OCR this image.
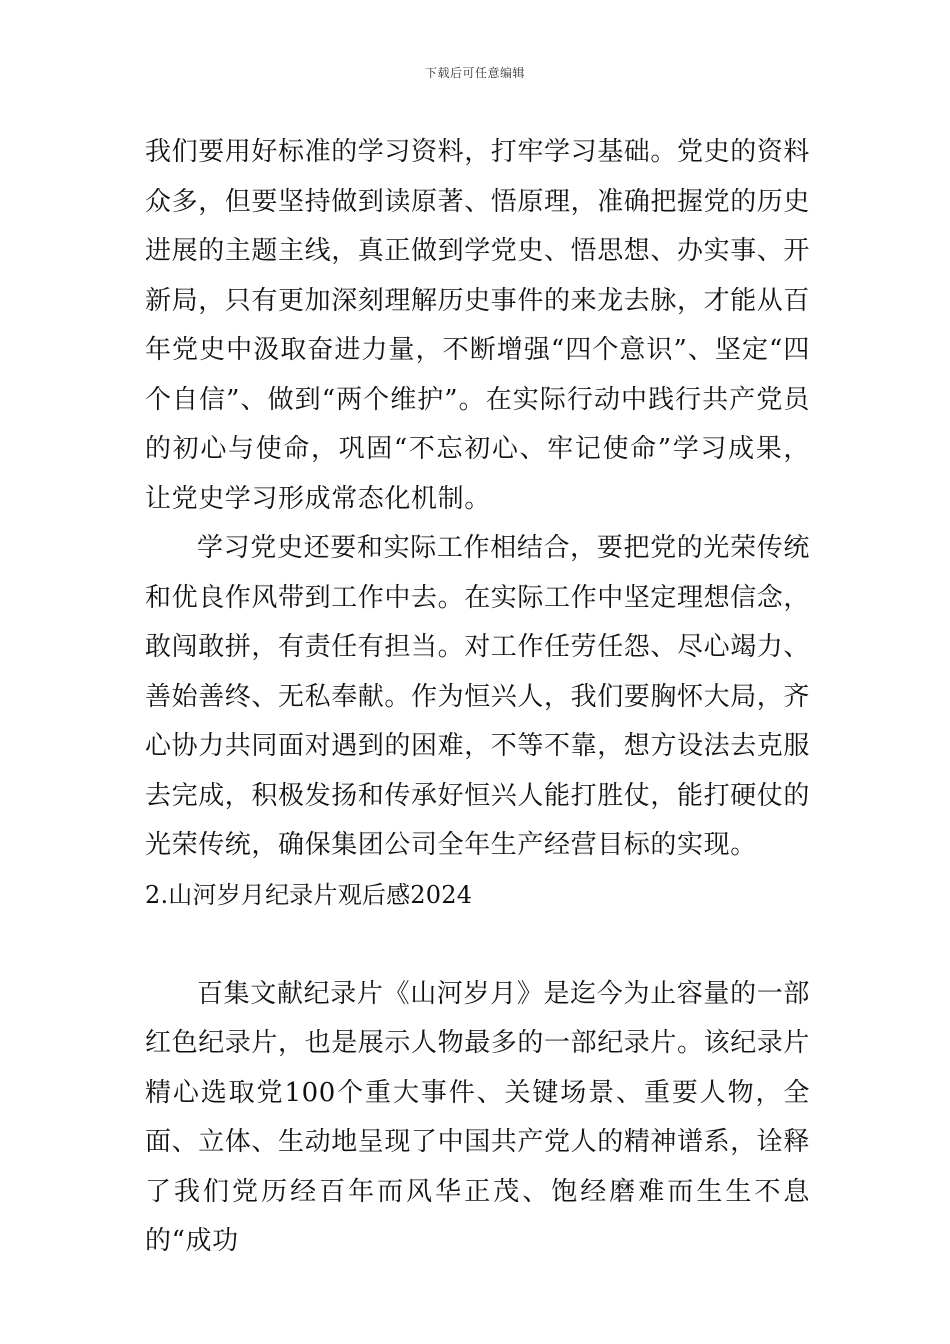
下载后可任意编辑

我们要用好标准的学习资料，打牢学习基础。党史的资料众多，但要坚持做到读原著、悟原理，准确把握党的历史进展的主题主线，真正做到学党史、悟思想、办实事、开新局，只有更加深刻理解历史事件的来龙去脉，才能从百年党史中汲取奋进力量，不断增强“四个意识”、坚定“四个自信”、做到“两个维护”。在实际行动中践行共产党员的初心与使命，巩固“不忘初心、牢记使命”学习成果，让党史学习形成常态化机制。

学习党史还要和实际工作相结合，要把党的光荣传统和优良作风带到工作中去。在实际工作中坚定理想信念，敢闯敢拼，有责任有担当。对工作任劳任怨、尽心竭力、善始善终、无私奉献。作为恒兴人，我们要胸怀大局，齐心协力共同面对遇到的困难，不等不靠，想方设法去克服去完成，积极发扬和传承好恒兴人能打胜仗，能打硬仗的光荣传统，确保集团公司全年生产经营目标的实现。

2.山河岁月纪录片观后感2024

百集文献纪录片《山河岁月》是迄今为止容量的一部红色纪录片，也是展示人物最多的一部纪录片。该纪录片精心选取党100个重大事件、关键场景、重要人物，全面、立体、生动地呈现了中国共产党人的精神谱系，诠释了我们党历经百年而风华正茂、饱经磨难而生生不息的“成功
